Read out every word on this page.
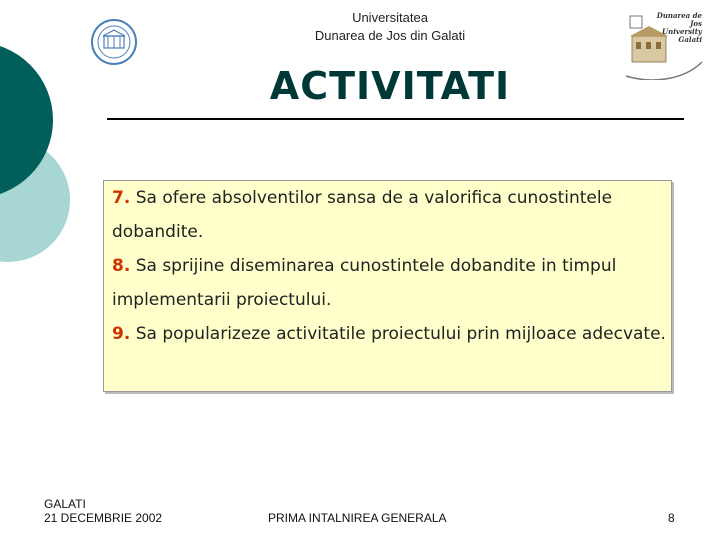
Universitatea
Dunarea de Jos din Galati
Dunarea de Jos
University
Galati
ACTIVITATI
7. Sa ofere absolventilor sansa de a valorifica cunostintele dobandite.
8. Sa sprijine diseminarea cunostintele dobandite in timpul implementarii proiectului.
9. Sa popularizeze activitatile proiectului prin mijloace adecvate.
GALATI
21 DECEMBRIE 2002	PRIMA INTALNIREA GENERALA	8
